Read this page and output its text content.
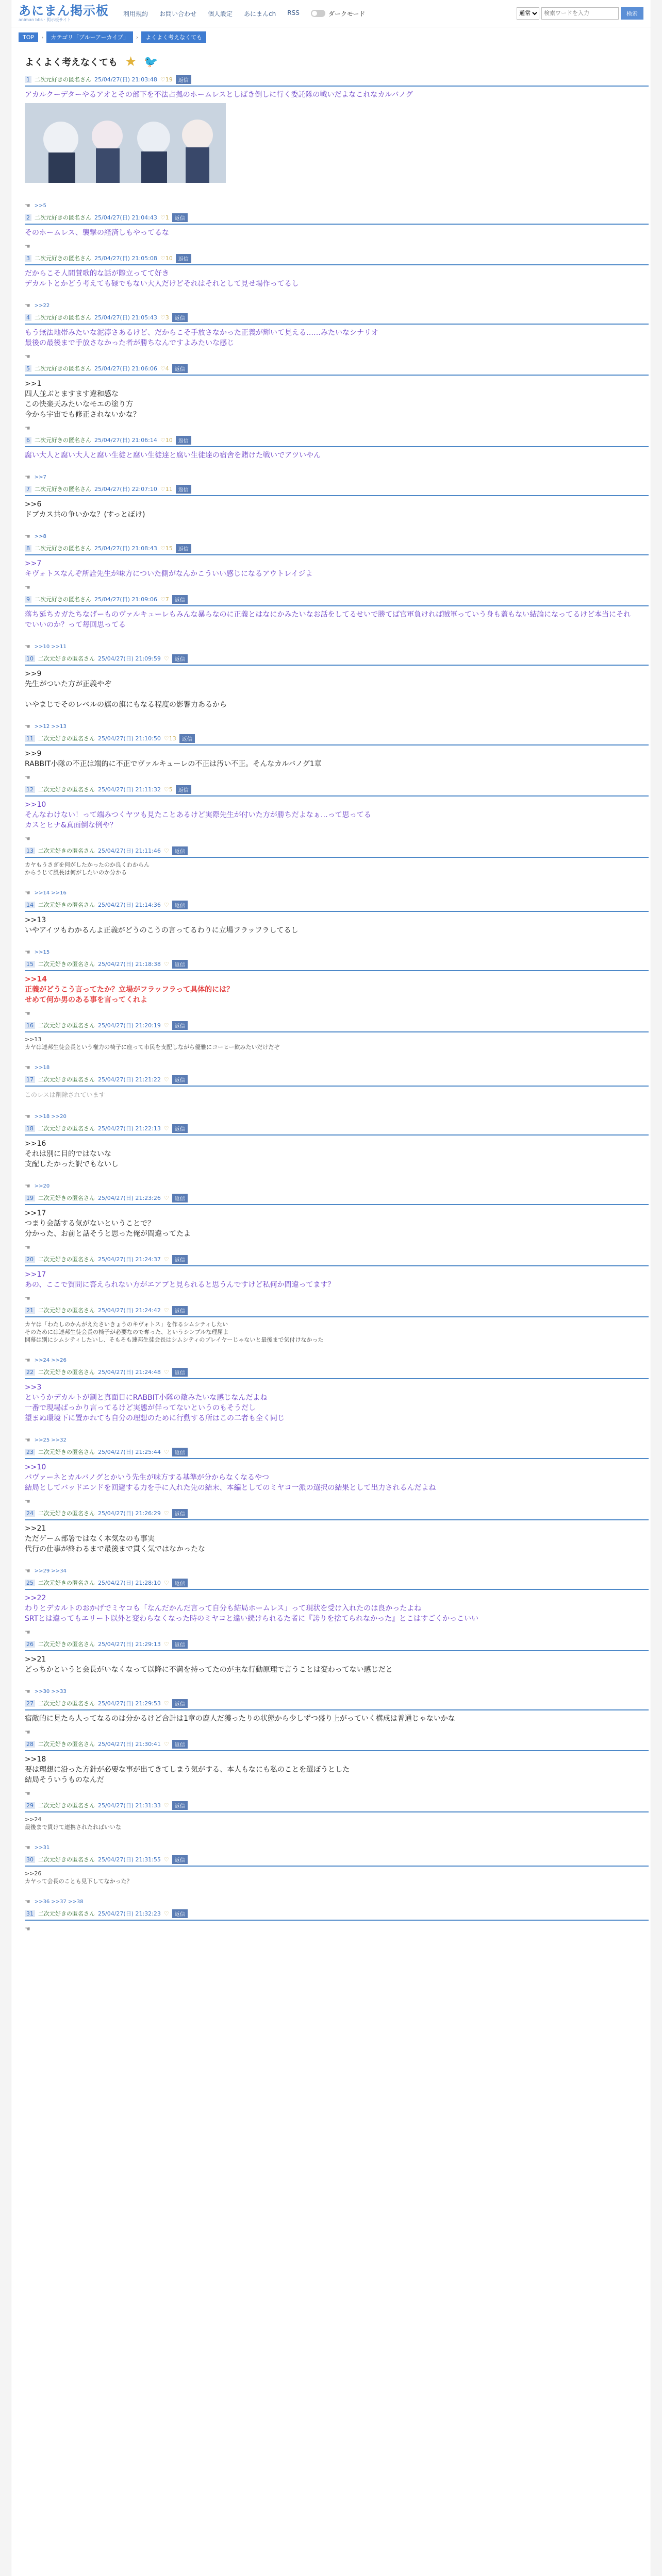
あにまん掲示板
animan bbs · 掲示板サイト
利用規約 お問い合わせ 個人設定 あにまんch RSS	ダークモード
通常
検索ワードを入力	検索
TOP	›	カテゴリ「ブルーアーカイブ」	›	よくよく考えなくても
よくよく考えなくても ★ 🐦
1 二次元好きの匿名さん 25/04/27(日) 21:03:48 ♡19	返信
アカルクーデターやるアオとその部下を不法占拠のホームレスとしばき倒しに行く委託隊の戦いだよなこれなカルバノグ
☚ >>5
2 二次元好きの匿名さん 25/04/27(日) 21:04:43 ♡1	返信
そのホームレス、襲撃の経済しもやってるな
☚
3 二次元好きの匿名さん 25/04/27(日) 21:05:08 ♡10	返信
だからこそ人間賛歌的な話が際立ってて好き
デカルトとかどう考えても碌でもない大人だけどそれはそれとして見せ場作ってるし
☚ >>22
4 二次元好きの匿名さん 25/04/27(日) 21:05:43 ♡3	返信
もう無法地帯みたいな泥濘さあるけど、だからこそ手放さなかった正義が輝いて見える……みたいなシナリオ
最後の最後まで手放さなかった者が勝ちなんですよみたいな感じ
☚
5 二次元好きの匿名さん 25/04/27(日) 21:06:06 ♡4	返信
>>1
四人並ぶとますます違和感な
この快楽天みたいなモエの塗り方
今から宇宙でも修正されないかな？
☚
6 二次元好きの匿名さん 25/04/27(日) 21:06:14 ♡10	返信
腐い大人と腐い大人と腐い生徒と腐い生徒達と腐い生徒達の宿舎を賭けた戦いでアツいやん
☚ >>7
7 二次元好きの匿名さん 25/04/27(日) 22:07:10 ♡11	返信
>>6
ドブカス共の争いかな？(すっとぼけ)
☚ >>8
8 二次元好きの匿名さん 25/04/27(日) 21:08:43 ♡15	返信
>>7
キヴォトスなんぞ所詮先生が味方についた側がなんかこういい感じになるアウトレイジよ
☚
9 二次元好きの匿名さん 25/04/27(日) 21:09:06 ♡7	返信
落ち延ちカガたちなげーものヴァルキューレもみんな暴らなのに正義とはなにかみたいなお話をしてるせいで勝てば官軍負ければ賊軍っていう身も蓋もない結論になってるけど本当にそれでいいのか？って毎回思ってる
☚ >>10 >>11
10 二次元好きの匿名さん 25/04/27(日) 21:09:59 ♡	返信
>>9
先生がついた方が正義やぞ

いやまじでそのレベルの旗の旗にもなる程度の影響力あるから
☚ >>12 >>13
11 二次元好きの匿名さん 25/04/27(日) 21:10:50 ♡13	返信
>>9
RABBIT小隊の不正は端的に不正でヴァルキューレの不正は汚い不正。そんなカルバノグ1章
☚
12 二次元好きの匿名さん 25/04/27(日) 21:11:32 ♡5	返信
>>10
そんなわけない！って端みつくヤツも見たことあるけど実際先生が付いた方が勝ちだよなぁ…って思ってる
カスとヒナ&真面倒な例や？
☚
13 二次元好きの匿名さん 25/04/27(日) 21:11:46 ♡	返信
カヤもうさぎを何がしたかったのか良くわからん
からうじて風長は何がしたいのか分かる
☚ >>14 >>16
14 二次元好きの匿名さん 25/04/27(日) 21:14:36 ♡	返信
>>13
いやアイツもわかるんよ正義がどうのこうの言ってるわりに立場フラッフラしてるし
☚ >>15
15 二次元好きの匿名さん 25/04/27(日) 21:18:38 ♡	返信
>>14
正義がどうこう言ってたか？立場がフラッフラって具体的には？
せめて何か男のある事を言ってくれよ
☚
16 二次元好きの匿名さん 25/04/27(日) 21:20:19 ♡	返信
>>13
カヤは連邦生徒会長という権力の椅子に座って市民を支配しながら優雅にコーヒー飲みたいだけだぞ
☚ >>18
17 二次元好きの匿名さん 25/04/27(日) 21:21:22 ♡	返信
このレスは削除されています
☚ >>18 >>20
18 二次元好きの匿名さん 25/04/27(日) 21:22:13 ♡	返信
>>16
それは別に目的ではないな
支配したかった訳でもないし
☚ >>20
19 二次元好きの匿名さん 25/04/27(日) 21:23:26 ♡	返信
>>17
つまり会話する気がないということで？
分かった、お前と話そうと思った俺が間違ってたよ
☚
20 二次元好きの匿名さん 25/04/27(日) 21:24:37 ♡	返信
>>17
あの、ここで質問に答えられない方がエアプと見られると思うんですけど私何か間違ってます？
☚
21 二次元好きの匿名さん 25/04/27(日) 21:24:42 ♡	返信
カヤは「わたしのかんがえたさいきょうのキヴォトス」を作るシムシティしたい
そのためには連邦生徒会長の椅子が必要なので奪った、というシンプルな理屈よ
開幕は別にシムシティしたいし、そもそも連邦生徒会長はシムシティのプレイヤーじゃないと最後まで気付けなかった
☚ >>24 >>26
22 二次元好きの匿名さん 25/04/27(日) 21:24:48 ♡	返信
>>3
というかデカルトが割と真面目にRABBIT小隊の敵みたいな感じなんだよね
一番で現場ばっかり言ってるけど実態が伴ってないというのもそうだし
望まぬ環境下に置かれても自分の理想のために行動する所はこの二者も全く同じ
☚ >>25 >>32
23 二次元好きの匿名さん 25/04/27(日) 21:25:44 ♡	返信
>>10
バヴァーネとカルバノグとかいう先生が味方する基準が分からなくなるやつ
結局としてバッドエンドを回避する力を手に入れた先の結末、本編としてのミヤコ一派の選択の結果として出力されるんだよね
☚
24 二次元好きの匿名さん 25/04/27(日) 21:26:29 ♡	返信
>>21
ただゲーム部署ではなく本気なのも事実
代行の仕事が終わるまで最後まで貫く気ではなかったな
☚ >>29 >>34
25 二次元好きの匿名さん 25/04/27(日) 21:28:10 ♡	返信
>>22
わりとデカルトのおかげでミヤコも「なんだかんだ言って自分も結局ホームレス」って現状を受け入れたのは良かったよね
SRTとは違ってもエリート以外と変わらなくなった時のミヤコと違い続けられるた者に『誇りを捨てられなかった』とこはすごくかっこいい
☚
26 二次元好きの匿名さん 25/04/27(日) 21:29:13 ♡	返信
>>21
どっちかというと会長がいなくなって以降に不満を持ってたのが主な行動原理で言うことは変わってない感じだと
☚ >>30 >>33
27 二次元好きの匿名さん 25/04/27(日) 21:29:53 ♡	返信
宿敵的に見たら人ってなるのは分かるけど合計は1章の鹿人だ獲ったりの状態から少しずつ盛り上がっていく構成は普通じゃないかな
☚
28 二次元好きの匿名さん 25/04/27(日) 21:30:41 ♡	返信
>>18
要は理想に沿った方針が必要な事が出てきてしまう気がする、本人もなにも私のことを選ぼうとした
結局そういうものなんだ
☚
29 二次元好きの匿名さん 25/04/27(日) 21:31:33 ♡	返信
>>24
最後まで貫けて連携されたればいいな
☚ >>31
30 二次元好きの匿名さん 25/04/27(日) 21:31:55 ♡	返信
>>26
カヤって会長のことも見下してなかった？
☚ >>36 >>37 >>38
31 二次元好きの匿名さん 25/04/27(日) 21:32:23 ♡	返信
☚
